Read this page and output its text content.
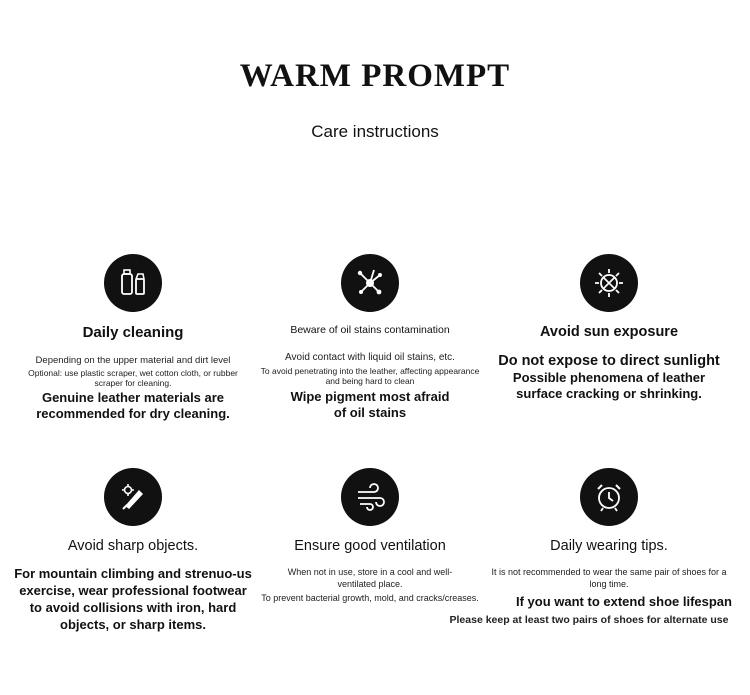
WARM PROMPT
Care instructions
Daily cleaning
Depending on the upper material and dirt level
Optional: use plastic scraper, wet cotton cloth, or rubber scraper for cleaning.
Genuine leather materials are recommended for dry cleaning.
Beware of oil stains contamination
Avoid contact with liquid oil stains, etc.
To avoid penetrating into the leather, affecting appearance and being hard to clean
Wipe pigment most afraid of oil stains
Avoid sun exposure
Do not expose to direct sunlight
Possible phenomena of leather surface cracking or shrinking.
Avoid sharp objects.
For mountain climbing and strenuo-us exercise, wear professional footwear to avoid collisions with iron, hard objects, or sharp items.
Ensure good ventilation
When not in use, store in a cool and well-ventilated place.
To prevent bacterial growth, mold, and cracks/creases.
Daily wearing tips.
It is not recommended to wear the same pair of shoes for a long time.
If you want to extend shoe lifespan
Please keep at least two pairs of shoes for alternate use
